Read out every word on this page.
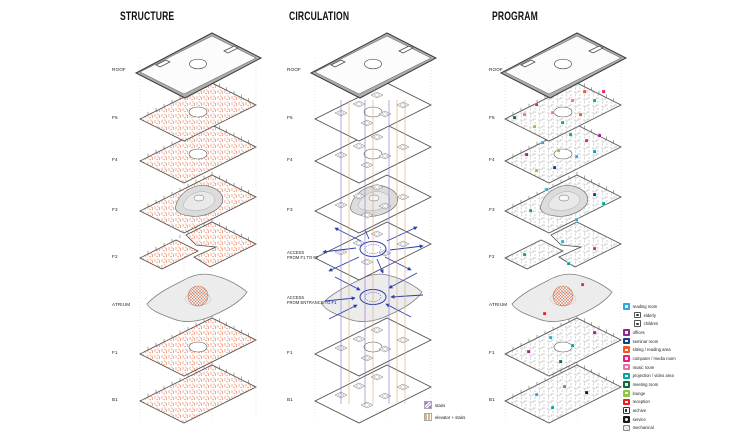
STRUCTURE	CIRCULATION	PROGRAM
ROOF
F5
F4
F3
F2
ATRIUM
F1
B1
ROOF
F5
F4
F3
ACCESS
FROM F1 TO F2
ACCESS
FROM ENTRANCE TO F1
F1
B1
ROOF
F5
F4
F3
F2
ATRIUM
F1
B1
stairs
elevator + stairs
reading room
elderly
children
offices
seminar room
sitting / reading area
computer / media room
music room
projection / video area
meeting room
lounge
reception
archive
service
mechanical
